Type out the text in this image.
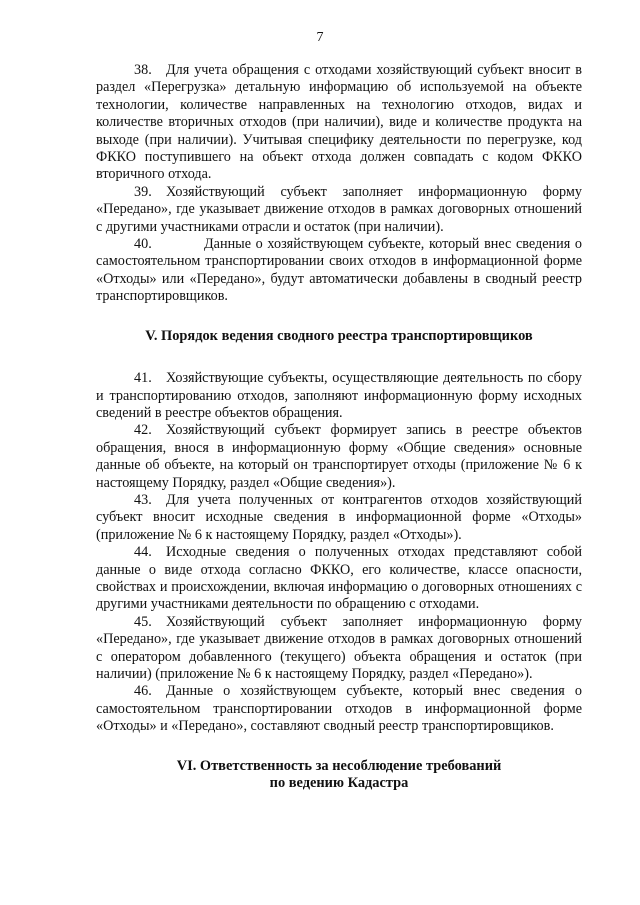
7

38. Для учета обращения с отходами хозяйствующий субъект вносит в раздел «Перегрузка» детальную информацию об используемой на объекте технологии, количестве направленных на технологию отходов, видах и количестве вторичных отходов (при наличии), виде и количестве продукта на выходе (при наличии). Учитывая специфику деятельности по перегрузке, код ФККО поступившего на объект отхода должен совпадать с кодом ФККО вторичного отхода.

39. Хозяйствующий субъект заполняет информационную форму «Передано», где указывает движение отходов в рамках договорных отношений с другими участниками отрасли и остаток (при наличии).

40.	Данные о хозяйствующем субъекте, который внес сведения о самостоятельном транспортировании своих отходов в информационной форме «Отходы» или «Передано», будут автоматически добавлены в сводный реестр транспортировщиков.

V. Порядок ведения сводного реестра транспортировщиков

41. Хозяйствующие субъекты, осуществляющие деятельность по сбору и транспортированию отходов, заполняют информационную форму исходных сведений в реестре объектов обращения.

42. Хозяйствующий субъект формирует запись в реестре объектов обращения, внося в информационную форму «Общие сведения» основные данные об объекте, на который он транспортирует отходы (приложение № 6 к настоящему Порядку, раздел «Общие сведения»).

43. Для учета полученных от контрагентов отходов хозяйствующий субъект вносит исходные сведения в информационной форме «Отходы» (приложение № 6 к настоящему Порядку, раздел «Отходы»).

44. Исходные сведения о полученных отходах представляют собой данные о виде отхода согласно ФККО, его количестве, классе опасности, свойствах и происхождении, включая информацию о договорных отношениях с другими участниками деятельности по обращению с отходами.

45. Хозяйствующий субъект заполняет информационную форму «Передано», где указывает движение отходов в рамках договорных отношений с оператором добавленного (текущего) объекта обращения и остаток (при наличии) (приложение № 6 к настоящему Порядку, раздел «Передано»).

46. Данные о хозяйствующем субъекте, который внес сведения о самостоятельном транспортировании отходов в информационной форме «Отходы» и «Передано», составляют сводный реестр транспортировщиков.

VI. Ответственность за несоблюдение требований
по ведению Кадастра
